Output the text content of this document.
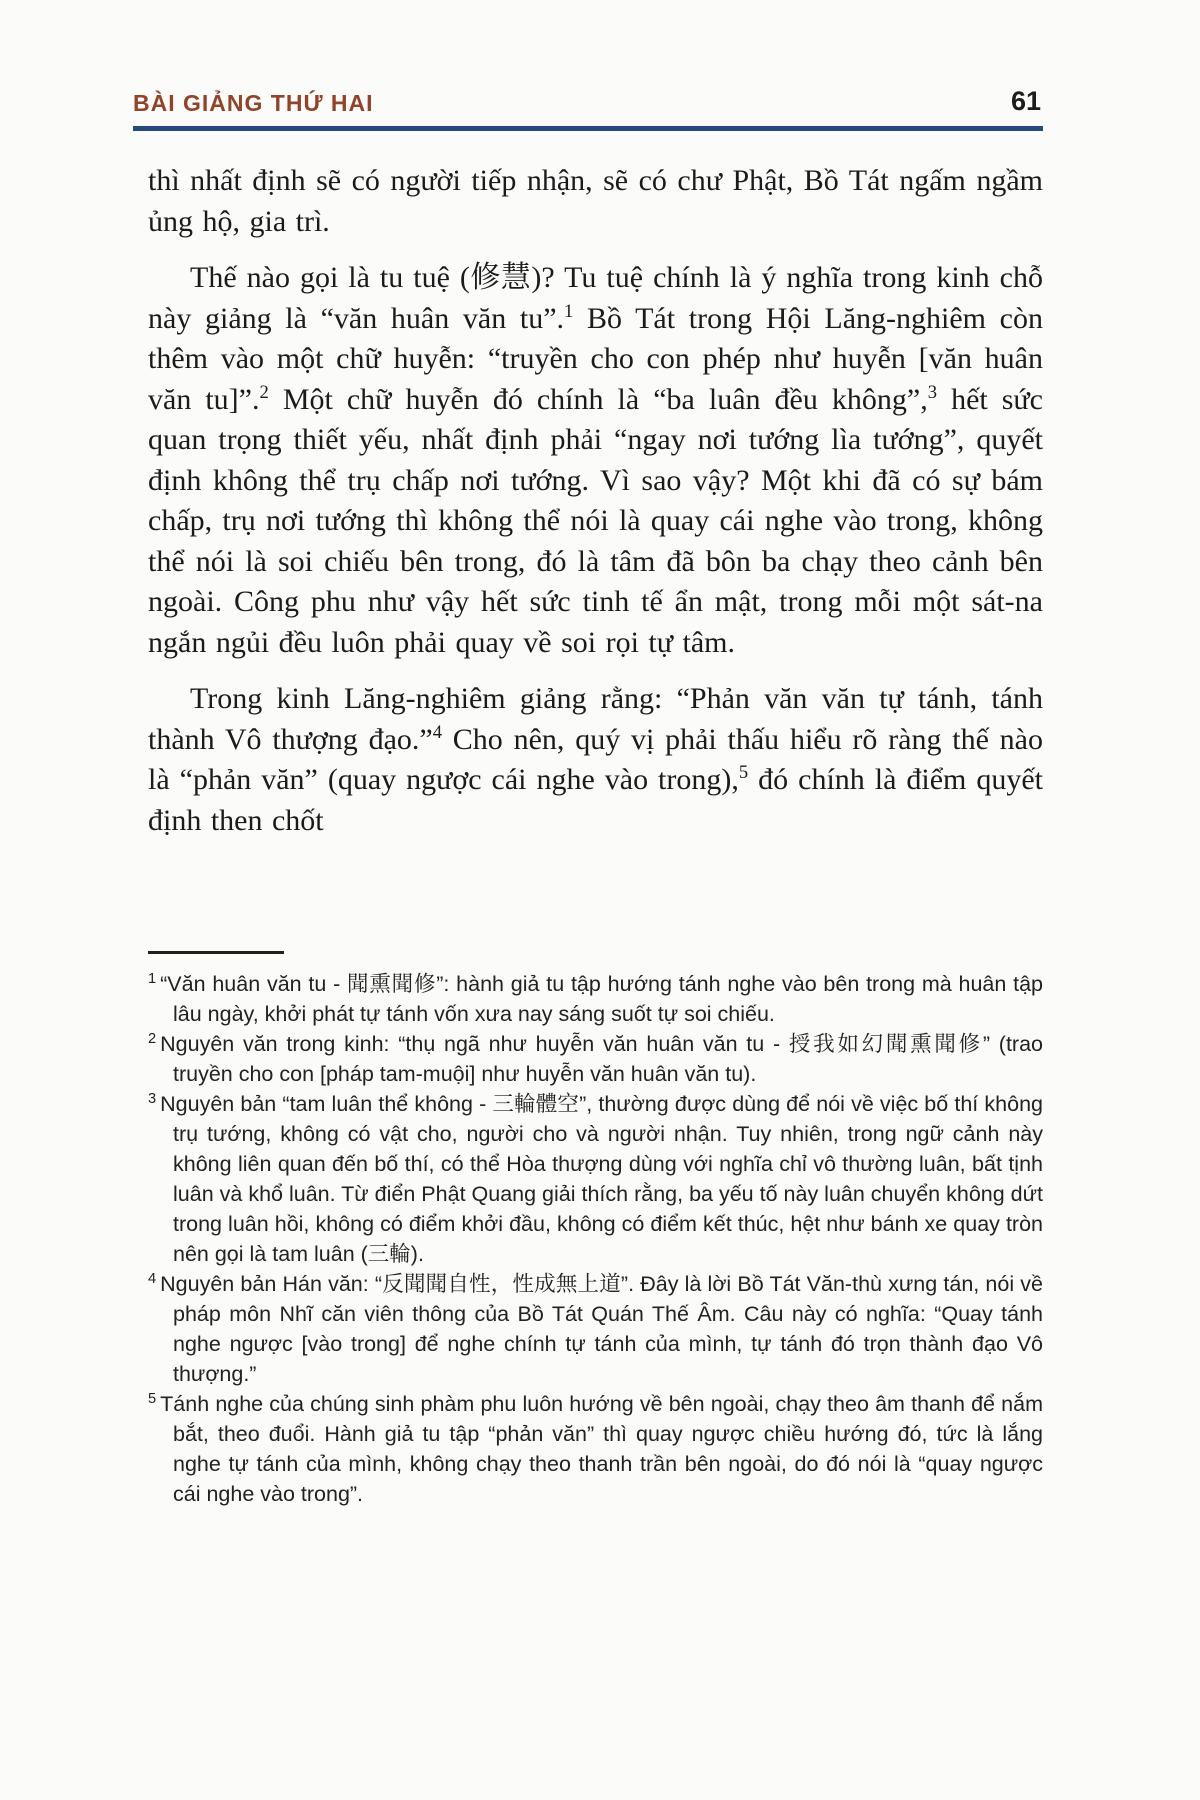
BÀI GIẢNG THỨ HAI	61

thì nhất định sẽ có người tiếp nhận, sẽ có chư Phật, Bồ Tát ngấm ngầm ủng hộ, gia trì.

Thế nào gọi là tu tuệ (修慧)? Tu tuệ chính là ý nghĩa trong kinh chỗ này giảng là “văn huân văn tu”.$^1$ Bồ Tát trong Hội Lăng-nghiêm còn thêm vào một chữ huyễn: “truyền cho con phép như huyễn [văn huân văn tu]”.$^2$ Một chữ huyễn đó chính là “ba luân đều không”,$^3$ hết sức quan trọng thiết yếu, nhất định phải “ngay nơi tướng lìa tướng”, quyết định không thể trụ chấp nơi tướng. Vì sao vậy? Một khi đã có sự bám chấp, trụ nơi tướng thì không thể nói là quay cái nghe vào trong, không thể nói là soi chiếu bên trong, đó là tâm đã bôn ba chạy theo cảnh bên ngoài. Công phu như vậy hết sức tinh tế ẩn mật, trong mỗi một sát-na ngắn ngủi đều luôn phải quay về soi rọi tự tâm.

Trong kinh Lăng-nghiêm giảng rằng: “Phản văn văn tự tánh, tánh thành Vô thượng đạo.”$^4$ Cho nên, quý vị phải thấu hiểu rõ ràng thế nào là “phản văn” (quay ngược cái nghe vào trong),$^5$ đó chính là điểm quyết định then chốt

$^1$ “Văn huân văn tu - 聞熏聞修”: hành giả tu tập hướng tánh nghe vào bên trong mà huân tập lâu ngày, khởi phát tự tánh vốn xưa nay sáng suốt tự soi chiếu.
$^2$ Nguyên văn trong kinh: “thụ ngã như huyễn văn huân văn tu - 授我如幻聞熏聞修” (trao truyền cho con [pháp tam-muội] như huyễn văn huân văn tu).
$^3$ Nguyên bản “tam luân thể không - 三輪體空”, thường được dùng để nói về việc bố thí không trụ tướng, không có vật cho, người cho và người nhận. Tuy nhiên, trong ngữ cảnh này không liên quan đến bố thí, có thể Hòa thượng dùng với nghĩa chỉ vô thường luân, bất tịnh luân và khổ luân. Từ điển Phật Quang giải thích rằng, ba yếu tố này luân chuyển không dứt trong luân hồi, không có điểm khởi đầu, không có điểm kết thúc, hệt như bánh xe quay tròn nên gọi là tam luân (三輪).
$^4$ Nguyên bản Hán văn: “反聞聞自性，性成無上道”. Đây là lời Bồ Tát Văn-thù xưng tán, nói về pháp môn Nhĩ căn viên thông của Bồ Tát Quán Thế Âm. Câu này có nghĩa: “Quay tánh nghe ngược [vào trong] để nghe chính tự tánh của mình, tự tánh đó trọn thành đạo Vô thượng.”
$^5$ Tánh nghe của chúng sinh phàm phu luôn hướng về bên ngoài, chạy theo âm thanh để nắm bắt, theo đuổi. Hành giả tu tập “phản văn” thì quay ngược chiều hướng đó, tức là lắng nghe tự tánh của mình, không chạy theo thanh trần bên ngoài, do đó nói là “quay ngược cái nghe vào trong”.
